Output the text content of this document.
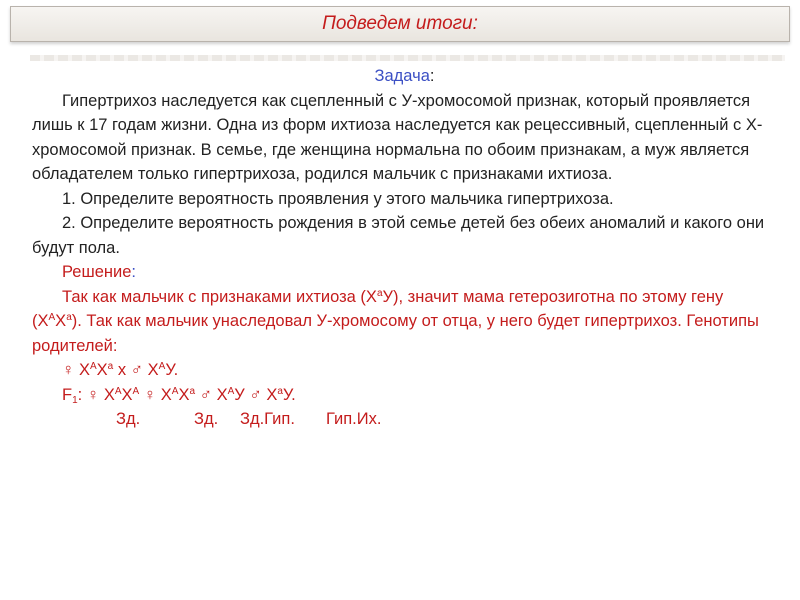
Подведем итоги:

Задача:

Гипертрихоз наследуется как сцепленный с У-хромосомой признак, который проявляется лишь к 17 годам жизни. Одна из форм ихтиоза наследуется как рецессивный, сцепленный с Х-хромосомой признак. В семье, где женщина нормальна по обоим признакам, а муж является обладателем только гипертрихоза, родился мальчик с признаками ихтиоза.

1. Определите вероятность проявления у этого мальчика гипертрихоза.

2. Определите вероятность рождения в этой семье детей без обеих аномалий и какого они будут пола.

Решение:

Так как мальчик с признаками ихтиоза $(Х^аУ)$, значит мама гетерозиготна по этому гену $(Х^АХ^а)$. Так как мальчик унаследовал У-хромосому от отца, у него будет гипертрихоз. Генотипы родителей:

♀ $Х^АХ^а$ х ♂ $Х^АУ$.

$F_1$: ♀ $Х^АХ^А$ ♀ $Х^АХ^а$ ♂ $Х^АУ$ ♂ $Х^аУ$.

Зд.	Зд. Зд.Гип. Гип.Их.
